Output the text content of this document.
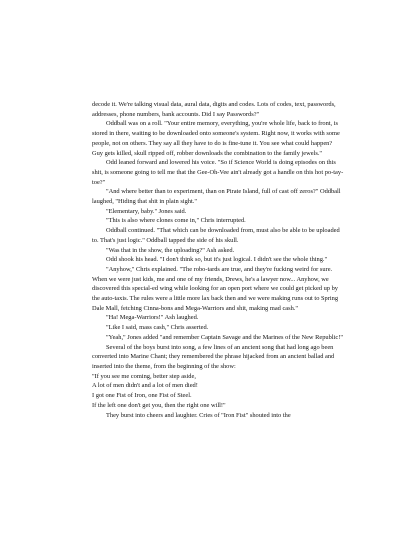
decode it. We're talking visual data, aural data, digits and codes. Lots of codes, text, passwords, addresses, phone numbers, bank accounts. Did I say Passwords?"

Oddball was on a roll. "Your entire memory, everything, you're whole life, back to front, is stored in there, waiting to be downloaded onto someone's system. Right now, it works with some people, not on others. They say all they have to do is fine-tune it. You see what could happen? Guy gets killed, skull ripped off, robber downloads the combination to the family jewels."

Odd leaned forward and lowered his voice. "So if Science World is doing episodes on this shit, is someone going to tell me that the Gee-Oh-Vee ain't already got a handle on this hot po-tay-toe?"

"And where better than to experiment, than on Pirate Island, full of cast off zeros?" Oddball laughed, "Hiding that shit in plain sight."

"Elementary, baby." Jones said.

"This is also where clones come in," Chris interrupted.

Oddball continued. "That which can be downloaded from, must also be able to be uploaded to. That's just logic." Oddball tapped the side of his skull.

"Was that in the show, the uploading?" Ash asked.

Odd shook his head. "I don't think so, but it's just logical. I didn't see the whole thing."

"Anyhow," Chris explained. "The robo-tards are true, and they're fucking weird for sure. When we were just kids, me and one of my friends, Drews, he's a lawyer now... Anyhow, we discovered this special-ed wing while looking for an open port where we could get picked up by the auto-taxis. The rules were a little more lax back then and we were making runs out to Spring Dale Mall, fetching Cinna-bons and Mega-Warriors and shit, making mad cash."

"Ha! Mega-Warriors!" Ash laughed.

"Like I said, mass cash," Chris asserted.

"Yeah," Jones added "and remember Captain Savage and the Marines of the New Republic!"

Several of the boys burst into song, a few lines of an ancient song that had long ago been converted into Marine Chant; they remembered the phrase hijacked from an ancient ballad and inserted into the theme, from the beginning of the show:

"If you see me coming, better step aside,

A lot of men didn't and a lot of men died!

I got one Fist of Iron, one Fist of Steel.

If the left one don't get you, then the right one will!"

They burst into cheers and laughter. Cries of "Iron Fist" shouted into the
